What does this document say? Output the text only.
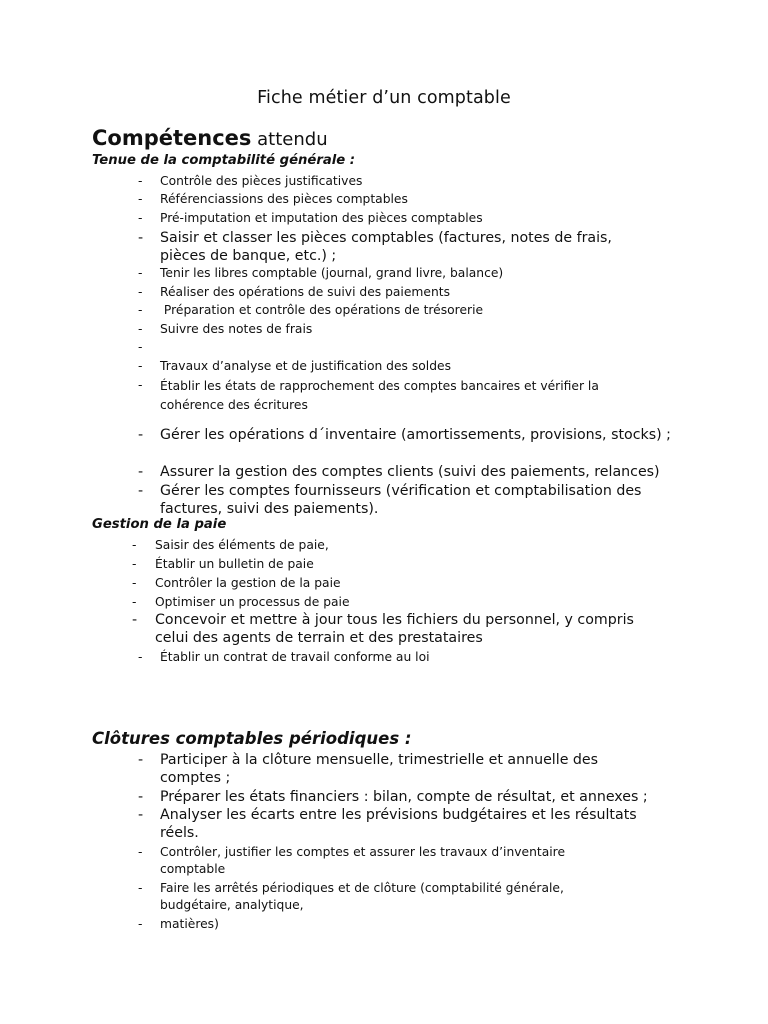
Fiche métier d’un comptable
Compétences attendu
Tenue de la comptabilité générale :
- Contrôle des pièces justificatives
- Référenciassions des pièces comptables
- Pré-imputation et imputation des pièces comptables
- Saisir et classer les pièces comptables (factures, notes de frais, pièces de banque, etc.) ;
- Tenir les libres comptable (journal, grand livre, balance)
- Réaliser des opérations de suivi des paiements
- Préparation et contrôle des opérations de trésorerie
- Suivre des notes de frais
-
- Travaux d’analyse et de justification des soldes
- Établir les états de rapprochement des comptes bancaires et vérifier la cohérence des écritures
- Gérer les opérations d´inventaire (amortissements, provisions, stocks) ;
- Assurer la gestion des comptes clients (suivi des paiements, relances)
- Gérer les comptes fournisseurs (vérification et comptabilisation des factures, suivi des paiements).
Gestion de la paie
- Saisir des éléments de paie,
- Établir un bulletin de paie
- Contrôler la gestion de la paie
- Optimiser un processus de paie
- Concevoir et mettre à jour tous les fichiers du personnel, y compris celui des agents de terrain et des prestataires
- Établir un contrat de travail conforme au loi
Clôtures comptables périodiques :
- Participer à la clôture mensuelle, trimestrielle et annuelle des comptes ;
- Préparer les états financiers : bilan, compte de résultat, et annexes ;
- Analyser les écarts entre les prévisions budgétaires et les résultats réels.
- Contrôler, justifier les comptes et assurer les travaux d’inventaire comptable
- Faire les arrêtés périodiques et de clôture (comptabilité générale, budgétaire, analytique,
- matières)
